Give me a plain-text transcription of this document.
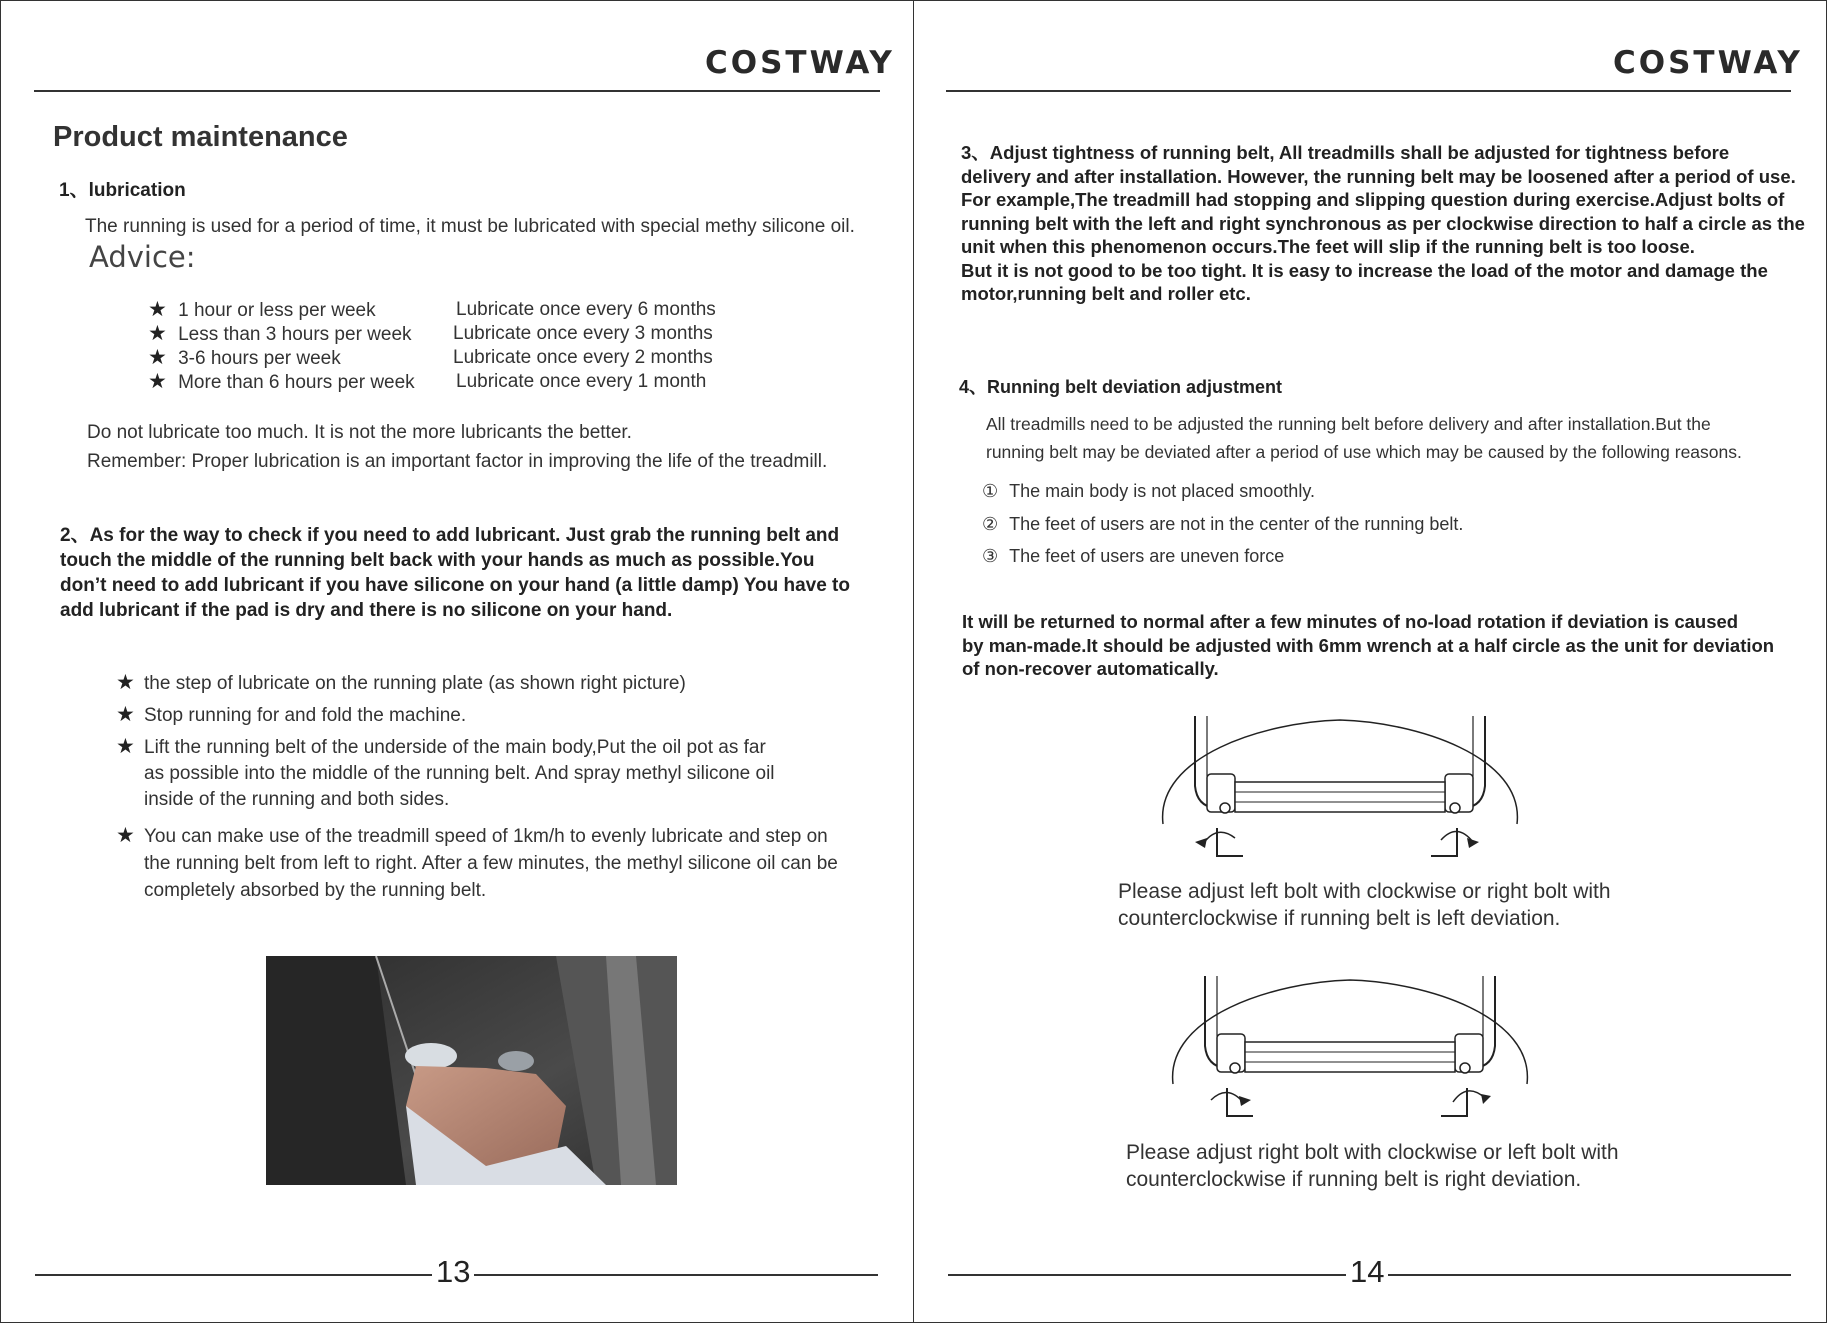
COSTWAY
Product maintenance
1、lubrication
The running is used for a period of time, it must be lubricated with special methy silicone oil.
Advice:
★ 1 hour or less per week	Lubricate once every 6 months
★ Less than 3 hours per week Lubricate once every 3 months
★ 3-6 hours per week	Lubricate once every 2 months
★ More than 6 hours per week Lubricate once every 1 month
Do not lubricate too much. It is not the more lubricants the better.
Remember: Proper lubrication is an important factor in improving the life of the treadmill.
2、As for the way to check if you need to add lubricant. Just grab the running belt and
touch the middle of the running belt back with your hands as much as possible.You
don’t need to add lubricant if you have silicone on your hand (a little damp) You have to
add lubricant if the pad is dry and there is no silicone on your hand.
★ the step of lubricate on the running plate (as shown right picture)
★ Stop running for and fold the machine.
★ Lift the running belt of the underside of the main body,Put the oil pot as far
as possible into the middle of the running belt. And spray methyl silicone oil
inside of the running and both sides.
★ You can make use of the treadmill speed of 1km/h to evenly lubricate and step on
the running belt from left to right. After a few minutes, the methyl silicone oil can be
completely absorbed by the running belt.
13
COSTWAY
3、Adjust tightness of running belt, All treadmills shall be adjusted for tightness before
delivery and after installation. However, the running belt may be loosened after a period of use.
For example,The treadmill had stopping and slipping question during exercise.Adjust bolts of
running belt with the left and right synchronous as per clockwise direction to half a circle as the
unit when this phenomenon occurs.The feet will slip if the running belt is too loose.
But it is not good to be too tight. It is easy to increase the load of the motor and damage the
motor,running belt and roller etc.
4、Running belt deviation adjustment
All treadmills need to be adjusted the running belt before delivery and after installation.But the
running belt may be deviated after a period of use which may be caused by the following reasons.
① The main body is not placed smoothly.
② The feet of users are not in the center of the running belt.
③ The feet of users are uneven force
It will be returned to normal after a few minutes of no-load rotation if deviation is caused
by man-made.It should be adjusted with 6mm wrench at a half circle as the unit for deviation
of non-recover automatically.
Please adjust left bolt with clockwise or right bolt with
counterclockwise if running belt is left deviation.
Please adjust right bolt with clockwise or left bolt with
counterclockwise if running belt is right deviation.
14
